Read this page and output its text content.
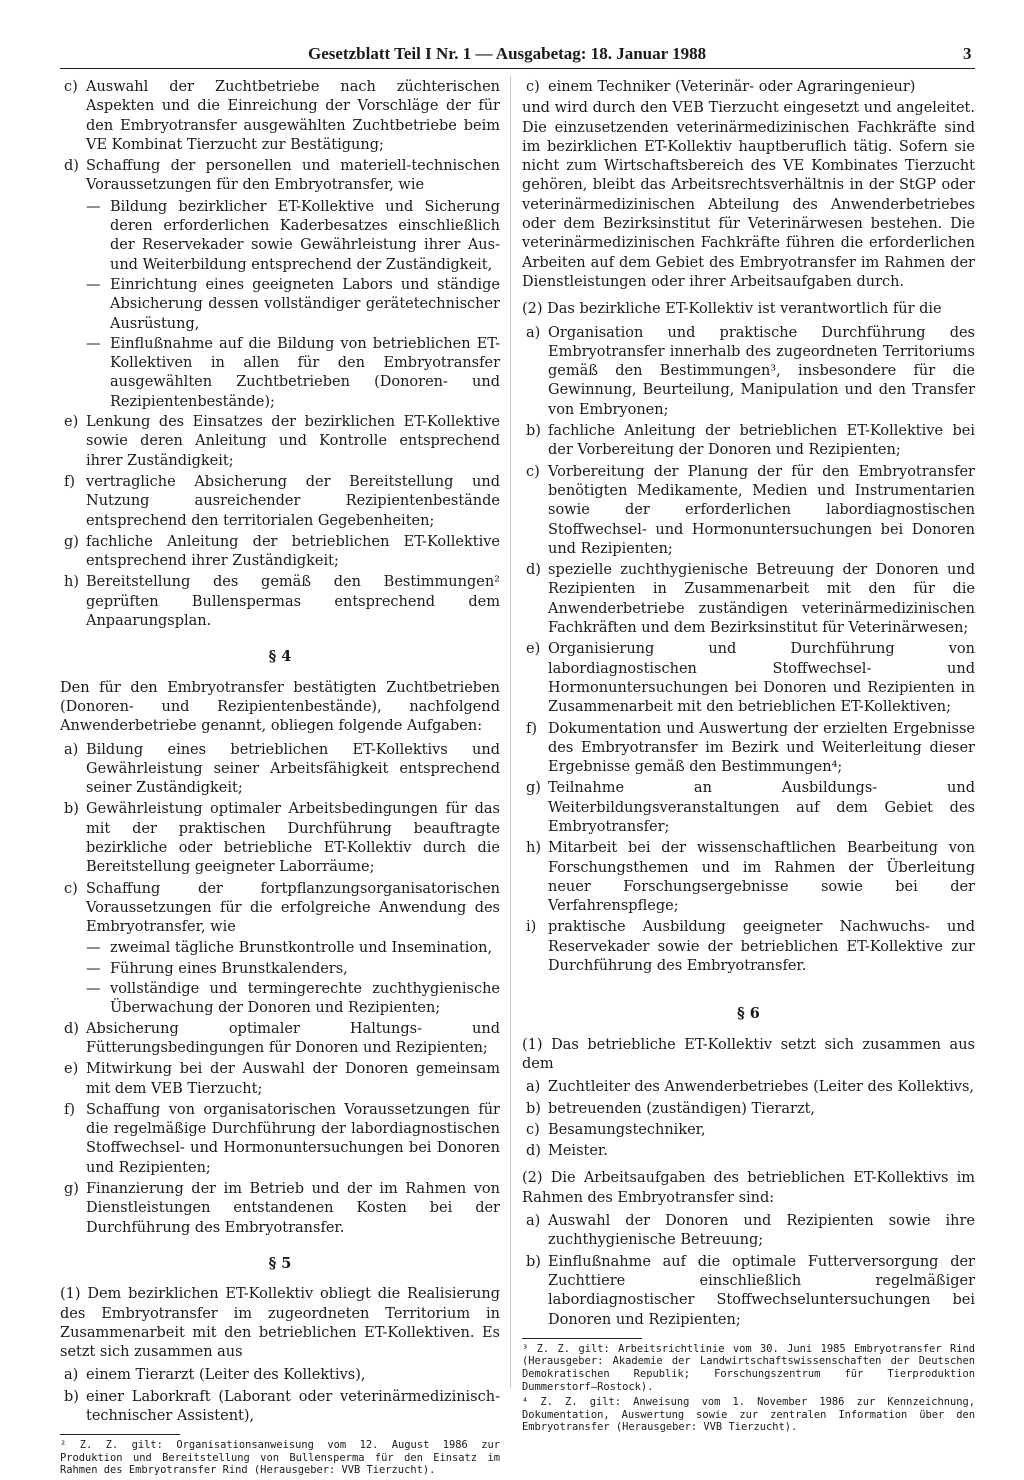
Gesetzblatt Teil I Nr. 1 — Ausgabetag: 18. Januar 1988	3
c) Auswahl der Zuchtbetriebe nach züchterischen Aspekten und die Einreichung der Vorschläge der für den Embryotransfer ausgewählten Zuchtbetriebe beim VE Kombinat Tierzucht zur Bestätigung;
d) Schaffung der personellen und materiell-technischen Voraussetzungen für den Embryotransfer, wie
— Bildung bezirklicher ET-Kollektive und Sicherung deren erforderlichen Kaderbesatzes einschließlich der Reservekader sowie Gewährleistung ihrer Aus- und Weiterbildung entsprechend der Zuständigkeit,
— Einrichtung eines geeigneten Labors und ständige Absicherung dessen vollständiger gerätetechnischer Ausrüstung,
— Einflußnahme auf die Bildung von betrieblichen ET-Kollektiven in allen für den Embryotransfer ausgewählten Zuchtbetrieben (Donoren- und Rezipientenbestände);
e) Lenkung des Einsatzes der bezirklichen ET-Kollektive sowie deren Anleitung und Kontrolle entsprechend ihrer Zuständigkeit;
f) vertragliche Absicherung der Bereitstellung und Nutzung ausreichender Rezipientenbestände entsprechend den territorialen Gegebenheiten;
g) fachliche Anleitung der betrieblichen ET-Kollektive entsprechend ihrer Zuständigkeit;
h) Bereitstellung des gemäß den Bestimmungen² geprüften Bullenspermas entsprechend dem Anpaarungsplan.
§ 4

Den für den Embryotransfer bestätigten Zuchtbetrieben (Donoren- und Rezipientenbestände), nachfolgend Anwenderbetriebe genannt, obliegen folgende Aufgaben:

a) Bildung eines betrieblichen ET-Kollektivs und Gewährleistung seiner Arbeitsfähigkeit entsprechend seiner Zuständigkeit;
b) Gewährleistung optimaler Arbeitsbedingungen für das mit der praktischen Durchführung beauftragte bezirkliche oder betriebliche ET-Kollektiv durch die Bereitstellung geeigneter Laborräume;
c) Schaffung der fortpflanzungsorganisatorischen Voraussetzungen für die erfolgreiche Anwendung des Embryotransfer, wie
— zweimal tägliche Brunstkontrolle und Insemination,
— Führung eines Brunstkalenders,
— vollständige und termingerechte zuchthygienische Überwachung der Donoren und Rezipienten;
d) Absicherung optimaler Haltungs- und Fütterungsbedingungen für Donoren und Rezipienten;
e) Mitwirkung bei der Auswahl der Donoren gemeinsam mit dem VEB Tierzucht;
f) Schaffung von organisatorischen Voraussetzungen für die regelmäßige Durchführung der labordiagnostischen Stoffwechsel- und Hormonuntersuchungen bei Donoren und Rezipienten;
g) Finanzierung der im Betrieb und der im Rahmen von Dienstleistungen entstandenen Kosten bei der Durchführung des Embryotransfer.
§ 5

(1) Dem bezirklichen ET-Kollektiv obliegt die Realisierung des Embryotransfer im zugeordneten Territorium in Zusammenarbeit mit den betrieblichen ET-Kollektiven. Es setzt sich zusammen aus

a) einem Tierarzt (Leiter des Kollektivs),
b) einer Laborkraft (Laborant oder veterinärmedizinisch-technischer Assistent),

² Z. Z. gilt: Organisationsanweisung vom 12. August 1986 zur Produktion und Bereitstellung von Bullensperma für den Einsatz im Rahmen des Embryotransfer Rind (Herausgeber: VVB Tierzucht).

c) einem Techniker (Veterinär- oder Agraringenieur)

und wird durch den VEB Tierzucht eingesetzt und angeleitet. Die einzusetzenden veterinärmedizinischen Fachkräfte sind im bezirklichen ET-Kollektiv hauptberuflich tätig. Sofern sie nicht zum Wirtschaftsbereich des VE Kombinates Tierzucht gehören, bleibt das Arbeitsrechtsverhältnis in der StGP oder veterinärmedizinischen Abteilung des Anwenderbetriebes oder dem Bezirksinstitut für Veterinärwesen bestehen. Die veterinärmedizinischen Fachkräfte führen die erforderlichen Arbeiten auf dem Gebiet des Embryotransfer im Rahmen der Dienstleistungen oder ihrer Arbeitsaufgaben durch.

(2) Das bezirkliche ET-Kollektiv ist verantwortlich für die

a) Organisation und praktische Durchführung des Embryotransfer innerhalb des zugeordneten Territoriums gemäß den Bestimmungen³, insbesondere für die Gewinnung, Beurteilung, Manipulation und den Transfer von Embryonen;
b) fachliche Anleitung der betrieblichen ET-Kollektive bei der Vorbereitung der Donoren und Rezipienten;
c) Vorbereitung der Planung der für den Embryotransfer benötigten Medikamente, Medien und Instrumentarien sowie der erforderlichen labordiagnostischen Stoffwechsel- und Hormonuntersuchungen bei Donoren und Rezipienten;
d) spezielle zuchthygienische Betreuung der Donoren und Rezipienten in Zusammenarbeit mit den für die Anwenderbetriebe zuständigen veterinärmedizinischen Fachkräften und dem Bezirksinstitut für Veterinärwesen;
e) Organisierung und Durchführung von labordiagnostischen Stoffwechsel- und Hormonuntersuchungen bei Donoren und Rezipienten in Zusammenarbeit mit den betrieblichen ET-Kollektiven;
f) Dokumentation und Auswertung der erzielten Ergebnisse des Embryotransfer im Bezirk und Weiterleitung dieser Ergebnisse gemäß den Bestimmungen⁴;
g) Teilnahme an Ausbildungs- und Weiterbildungsveranstaltungen auf dem Gebiet des Embryotransfer;
h) Mitarbeit bei der wissenschaftlichen Bearbeitung von Forschungsthemen und im Rahmen der Überleitung neuer Forschungsergebnisse sowie bei der Verfahrenspflege;
i) praktische Ausbildung geeigneter Nachwuchs- und Reservekader sowie der betrieblichen ET-Kollektive zur Durchführung des Embryotransfer.
§ 6

(1) Das betriebliche ET-Kollektiv setzt sich zusammen aus dem

a) Zuchtleiter des Anwenderbetriebes (Leiter des Kollektivs,
b) betreuenden (zuständigen) Tierarzt,
c) Besamungstechniker,
d) Meister.

(2) Die Arbeitsaufgaben des betrieblichen ET-Kollektivs im Rahmen des Embryotransfer sind:

a) Auswahl der Donoren und Rezipienten sowie ihre zuchthygienische Betreuung;
b) Einflußnahme auf die optimale Futterversorgung der Zuchttiere einschließlich regelmäßiger labordiagnostischer Stoffwechseluntersuchungen bei Donoren und Rezipienten;

³ Z. Z. gilt: Arbeitsrichtlinie vom 30. Juni 1985 Embryotransfer Rind (Herausgeber: Akademie der Landwirtschaftswissenschaften der Deutschen Demokratischen Republik; Forschungszentrum für Tierproduktion Dummerstorf—Rostock).

⁴ Z. Z. gilt: Anweisung vom 1. November 1986 zur Kennzeichnung, Dokumentation, Auswertung sowie zur zentralen Information über den Embryotransfer (Herausgeber: VVB Tierzucht).
